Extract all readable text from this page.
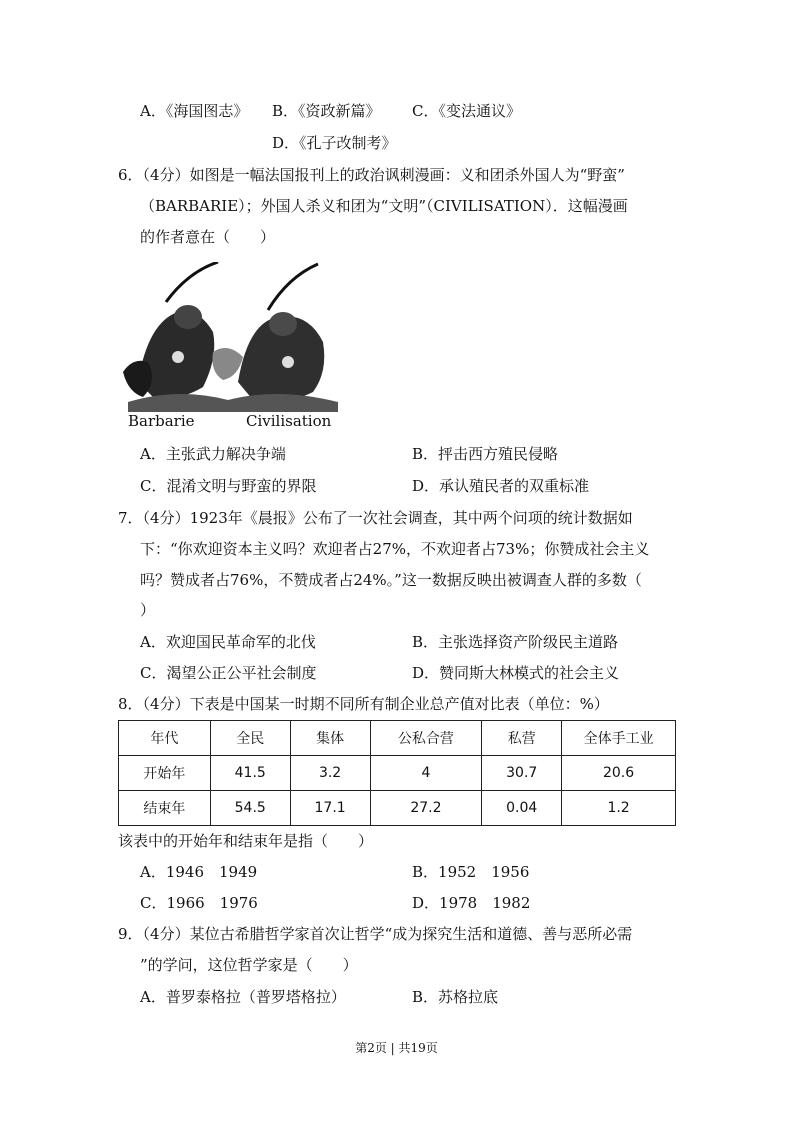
A．《海国图志》 B．《资政新篇》 C．《变法通议》
D．《孔子改制考》
6．（4分）如图是一幅法国报刊上的政治讽刺漫画：义和团杀外国人为“野蛮”
（BARBARIE）；外国人杀义和团为“文明”（CIVILISATION）．这幅漫画
的作者意在（　　）
Barbarie	Civilisation
A．主张武力解决争端	B．抨击西方殖民侵略
C．混淆文明与野蛮的界限	D．承认殖民者的双重标准
7．（4分）1923年《晨报》公布了一次社会调查，其中两个问项的统计数据如
下：“你欢迎资本主义吗？欢迎者占27%，不欢迎者占73%；你赞成社会主义
吗？赞成者占76%，不赞成者占24%。”这一数据反映出被调查人群的多数（
）
A．欢迎国民革命军的北伐	B．主张选择资产阶级民主道路
C．渴望公正公平社会制度	D．赞同斯大林模式的社会主义
8．（4分）下表是中国某一时期不同所有制企业总产值对比表（单位：%）
年代	全民	集体	公私合营	私营	全体手工业
开始年	41.5	3.2	4	30.7	20.6
结束年	54.5	17.1	27.2	0.04	1.2
该表中的开始年和结束年是指（　　）
A．1946　1949	B．1952　1956
C．1966　1976	D．1978　1982
9．（4分）某位古希腊哲学家首次让哲学“成为探究生活和道德、善与恶所必需
”的学问，这位哲学家是（　　）
A．普罗泰格拉（普罗塔格拉）	B．苏格拉底
第2页 | 共19页
